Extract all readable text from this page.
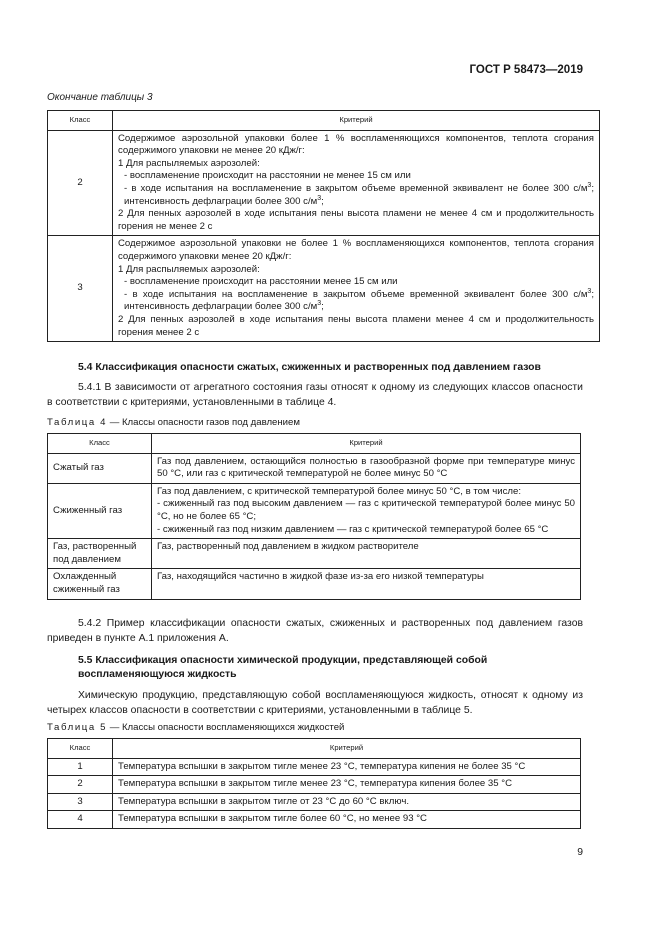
ГОСТ Р 58473—2019
Окончание таблицы 3
Класс	Критерий
2	Содержимое аэрозольной упаковки более 1 % воспламеняющихся компонентов, теплота сгорания содержимого упаковки не менее 20 кДж/г:
1 Для распыляемых аэрозолей:
- воспламенение происходит на расстоянии не менее 15 см или
- в ходе испытания на воспламенение в закрытом объеме временной эквивалент не более 300 $с/м^3$; интенсивность дефлаграции более 300 $с/м^3$;
2 Для пенных аэрозолей в ходе испытания пены высота пламени не менее 4 см и продолжительность горения не менее 2 с

3	Содержимое аэрозольной упаковки не более 1 % воспламеняющихся компонентов, теплота сгорания содержимого упаковки менее 20 кДж/г:
1 Для распыляемых аэрозолей:
- воспламенение происходит на расстоянии менее 15 см или
- в ходе испытания на воспламенение в закрытом объеме временной эквивалент более 300 $с/м^3$; интенсивность дефлаграции более 300 $с/м^3$;
2 Для пенных аэрозолей в ходе испытания пены высота пламени менее 4 см и продолжительность горения менее 2 с
5.4 Классификация опасности сжатых, сжиженных и растворенных под давлением газов
5.4.1 В зависимости от агрегатного состояния газы относят к одному из следующих классов опасности в соответствии с критериями, установленными в таблице 4.
Таблица 4 — Классы опасности газов под давлением
Класс	Критерий
Сжатый газ	Газ под давлением, остающийся полностью в газообразной форме при температуре минус 50 °С, или газ с критической температурой не более минус 50 °С
Сжиженный газ	Газ под давлением, с критической температурой более минус 50 °С, в том числе:
- сжиженный газ под высоким давлением — газ с критической температурой более минус 50 °С, но не более 65 °С;
- сжиженный газ под низким давлением — газ с критической температурой более 65 °С

Газ, растворенный под давлением	Газ, растворенный под давлением в жидком растворителе
Охлажденный сжиженный газ	Газ, находящийся частично в жидкой фазе из-за его низкой температуры
5.4.2 Пример классификации опасности сжатых, сжиженных и растворенных под давлением газов приведен в пункте А.1 приложения А.
5.5 Классификация опасности химической продукции, представляющей собой воспламеняющуюся жидкость
Химическую продукцию, представляющую собой воспламеняющуюся жидкость, относят к одному из четырех классов опасности в соответствии с критериями, установленными в таблице 5.
Таблица 5 — Классы опасности воспламеняющихся жидкостей
Класс	Критерий
1	Температура вспышки в закрытом тигле менее 23 °С, температура кипения не более 35 °С
2	Температура вспышки в закрытом тигле менее 23 °С, температура кипения более 35 °С
3	Температура вспышки в закрытом тигле от 23 °С до 60 °С включ.
4	Температура вспышки в закрытом тигле более 60 °С, но менее 93 °С
9
